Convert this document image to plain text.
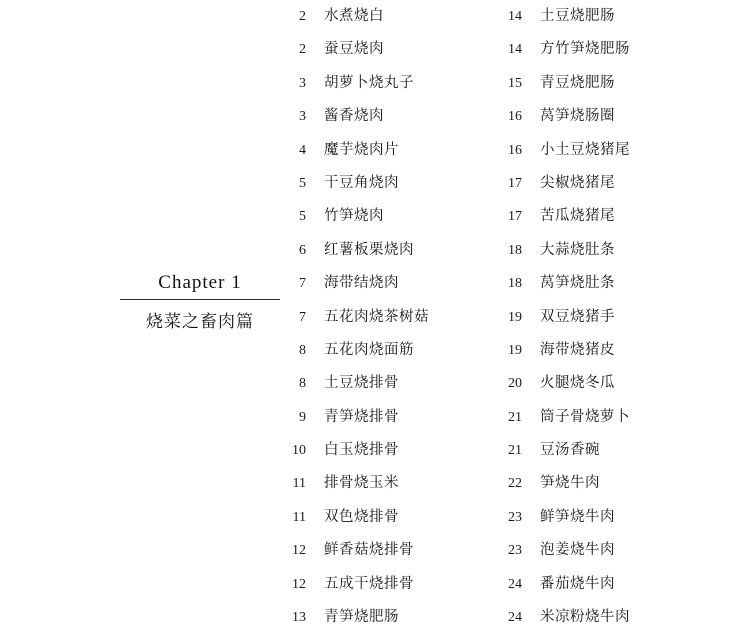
Chapter 1
烧菜之畜肉篇
2 水煮烧白
2 蚕豆烧肉
3 胡萝卜烧丸子
3 酱香烧肉
4 魔芋烧肉片
5 干豆角烧肉
5 竹笋烧肉
6 红薯板栗烧肉
7 海带结烧肉
7 五花肉烧茶树菇
8 五花肉烧面筋
8 土豆烧排骨
9 青笋烧排骨
10 白玉烧排骨
11 排骨烧玉米
11 双色烧排骨
12 鲜香菇烧排骨
12 五成干烧排骨
13 青笋烧肥肠
14 土豆烧肥肠
14 方竹笋烧肥肠
15 青豆烧肥肠
16 莴笋烧肠圈
16 小土豆烧猪尾
17 尖椒烧猪尾
17 苦瓜烧猪尾
18 大蒜烧肚条
18 莴笋烧肚条
19 双豆烧猪手
19 海带烧猪皮
20 火腿烧冬瓜
21 筒子骨烧萝卜
21 豆汤香碗
22 笋烧牛肉
23 鲜笋烧牛肉
23 泡姜烧牛肉
24 番茄烧牛肉
24 米凉粉烧牛肉
